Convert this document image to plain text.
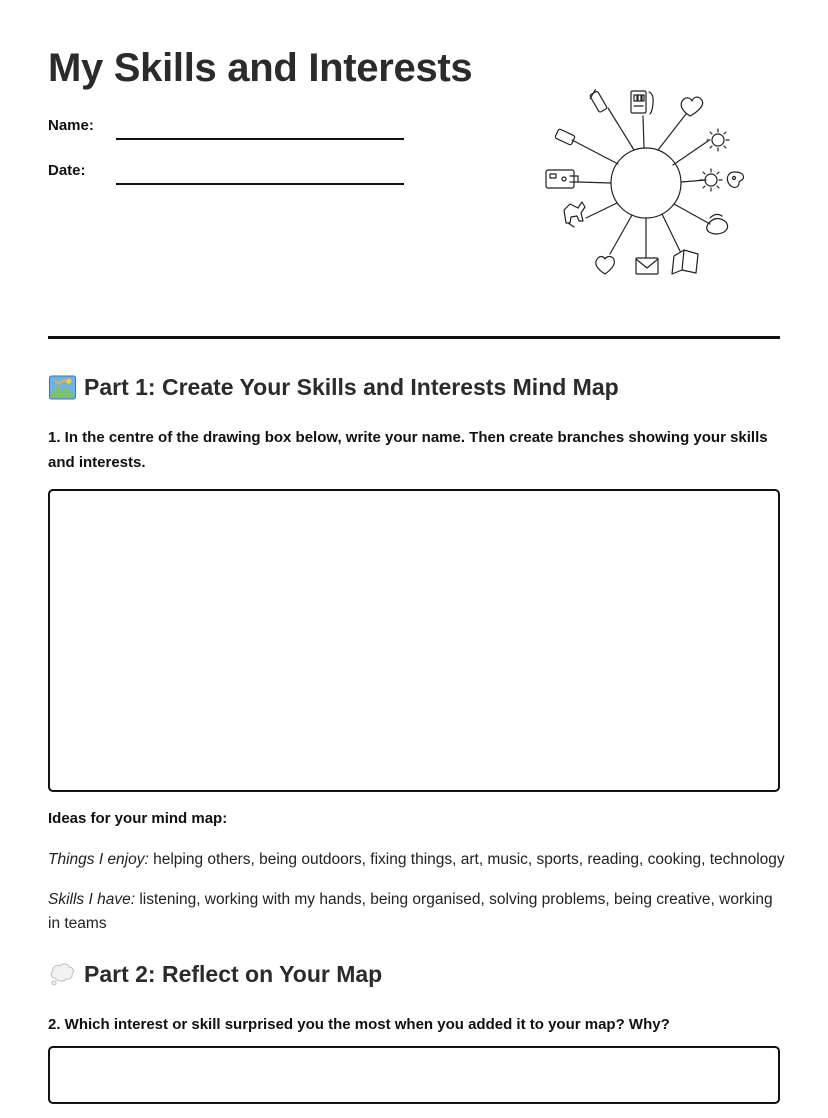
My Skills and Interests
Name:
Date:
Part 1: Create Your Skills and Interests Mind Map
1. In the centre of the drawing box below, write your name. Then create branches showing your skills and interests.
Ideas for your mind map:
Things I enjoy: helping others, being outdoors, fixing things, art, music, sports, reading, cooking, technology
Skills I have: listening, working with my hands, being organised, solving problems, being creative, working in teams
Part 2: Reflect on Your Map
2. Which interest or skill surprised you the most when you added it to your map? Why?
